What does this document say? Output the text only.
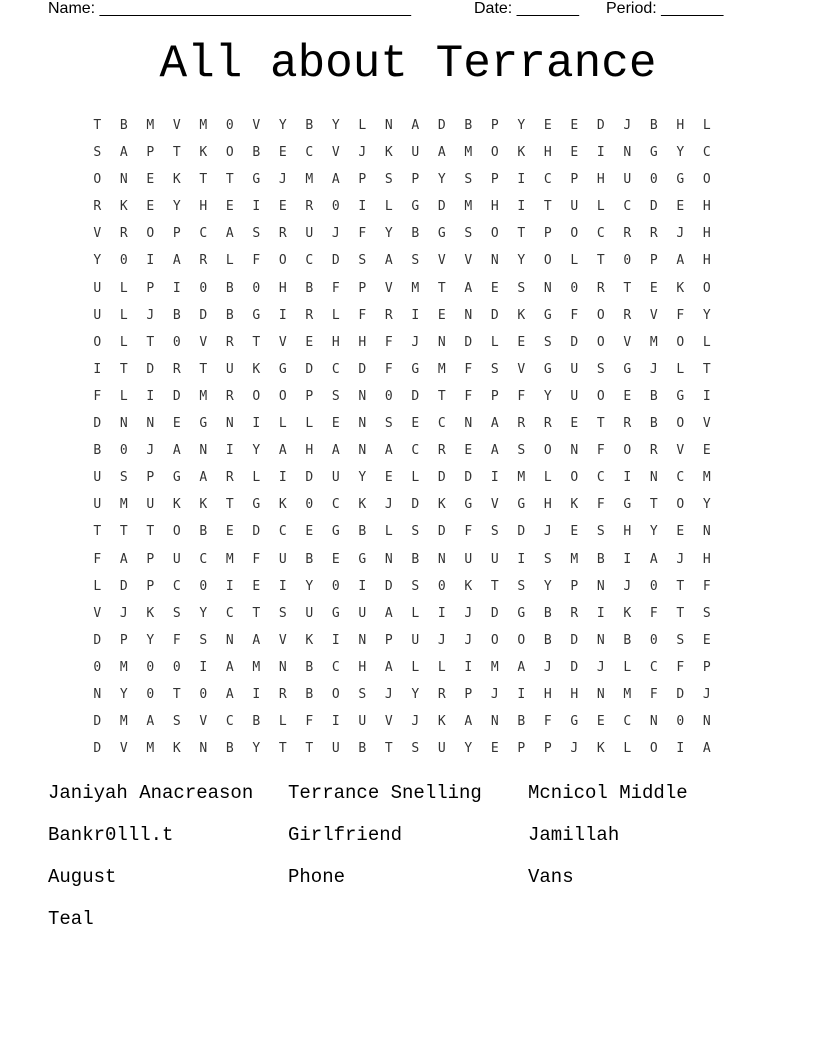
Name: ___________________________________	Date: _______ Period: _______
All about Terrance
T	B	M	V	M	0	V	Y	B	Y	L	N	A	D	B	P	Y	E	E	D	J	B	H	L
S	A	P	T	K	O	B	E	C	V	J	K	U	A	M	O	K	H	E	I	N	G	Y	C
O	N	E	K	T	T	G	J	M	A	P	S	P	Y	S	P	I	C	P	H	U	0	G	O
R	K	E	Y	H	E	I	E	R	0	I	L	G	D	M	H	I	T	U	L	C	D	E	H
V	R	O	P	C	A	S	R	U	J	F	Y	B	G	S	O	T	P	O	C	R	R	J	H
Y	0	I	A	R	L	F	O	C	D	S	A	S	V	V	N	Y	O	L	T	0	P	A	H
U	L	P	I	0	B	0	H	B	F	P	V	M	T	A	E	S	N	0	R	T	E	K	O
U	L	J	B	D	B	G	I	R	L	F	R	I	E	N	D	K	G	F	O	R	V	F	Y
O	L	T	0	V	R	T	V	E	H	H	F	J	N	D	L	E	S	D	O	V	M	O	L
I	T	D	R	T	U	K	G	D	C	D	F	G	M	F	S	V	G	U	S	G	J	L	T
F	L	I	D	M	R	O	O	P	S	N	0	D	T	F	P	F	Y	U	O	E	B	G	I
D	N	N	E	G	N	I	L	L	E	N	S	E	C	N	A	R	R	E	T	R	B	O	V
B	0	J	A	N	I	Y	A	H	A	N	A	C	R	E	A	S	O	N	F	O	R	V	E
U	S	P	G	A	R	L	I	D	U	Y	E	L	D	D	I	M	L	O	C	I	N	C	M
U	M	U	K	K	T	G	K	0	C	K	J	D	K	G	V	G	H	K	F	G	T	O	Y
T	T	T	O	B	E	D	C	E	G	B	L	S	D	F	S	D	J	E	S	H	Y	E	N
F	A	P	U	C	M	F	U	B	E	G	N	B	N	U	U	I	S	M	B	I	A	J	H
L	D	P	C	0	I	E	I	Y	0	I	D	S	0	K	T	S	Y	P	N	J	0	T	F
V	J	K	S	Y	C	T	S	U	G	U	A	L	I	J	D	G	B	R	I	K	F	T	S
D	P	Y	F	S	N	A	V	K	I	N	P	U	J	J	O	O	B	D	N	B	0	S	E
0	M	0	0	I	A	M	N	B	C	H	A	L	L	I	M	A	J	D	J	L	C	F	P
N	Y	0	T	0	A	I	R	B	O	S	J	Y	R	P	J	I	H	H	N	M	F	D	J
D	M	A	S	V	C	B	L	F	I	U	V	J	K	A	N	B	F	G	E	C	N	0	N
D	V	M	K	N	B	Y	T	T	U	B	T	S	U	Y	E	P	P	J	K	L	O	I	A
Janiyah Anacreason	Terrance Snelling	Mcnicol Middle
Bankr0lll.t	Girlfriend	Jamillah
August	Phone	Vans
Teal
